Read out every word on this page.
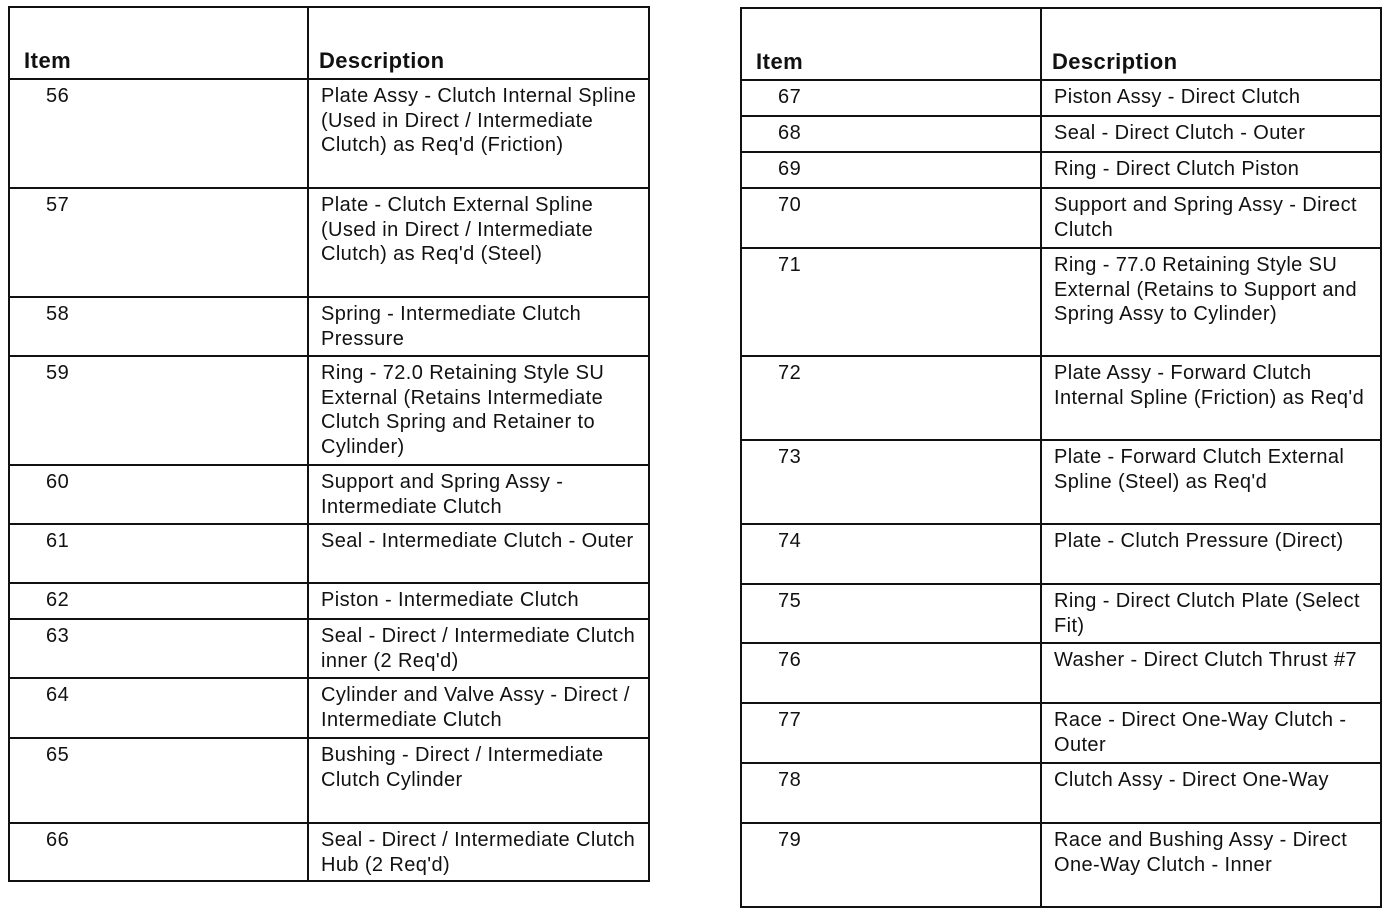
Item	Description
56	Plate Assy - Clutch Internal Spline (Used in Direct / Intermediate Clutch) as Req'd (Friction)
57	Plate - Clutch External Spline (Used in Direct / Intermediate Clutch) as Req'd (Steel)
58	Spring - Intermediate Clutch Pressure
59	Ring - 72.0 Retaining Style SU External (Retains Intermediate Clutch Spring and Retainer to Cylinder)
60	Support and Spring Assy - Intermediate Clutch
61	Seal - Intermediate Clutch - Outer
62	Piston - Intermediate Clutch
63	Seal - Direct / Intermediate Clutch inner (2 Req'd)
64	Cylinder and Valve Assy - Direct / Intermediate Clutch
65	Bushing - Direct / Intermediate Clutch Cylinder
66	Seal - Direct / Intermediate Clutch Hub (2 Req'd)
Item	Description
67	Piston Assy - Direct Clutch
68	Seal - Direct Clutch - Outer
69	Ring - Direct Clutch Piston
70	Support and Spring Assy - Direct Clutch
71	Ring - 77.0 Retaining Style SU External (Retains to Support and Spring Assy to Cylinder)
72	Plate Assy - Forward Clutch Internal Spline (Friction) as Req'd
73	Plate - Forward Clutch External Spline (Steel) as Req'd
74	Plate - Clutch Pressure (Direct)
75	Ring - Direct Clutch Plate (Select Fit)
76	Washer - Direct Clutch Thrust #7
77	Race - Direct One-Way Clutch - Outer
78	Clutch Assy - Direct One-Way
79	Race and Bushing Assy - Direct One-Way Clutch - Inner
